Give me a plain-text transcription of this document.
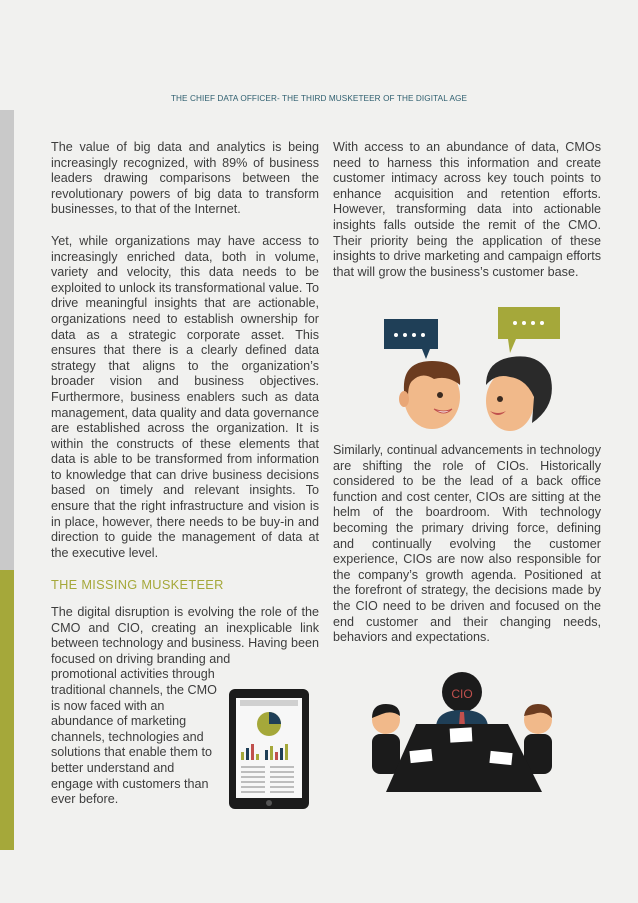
THE CHIEF DATA OFFICER- THE THIRD MUSKETEER OF THE DIGITAL AGE

The value of big data and analytics is being increasingly recognized, with 89% of business leaders drawing comparisons between the revolutionary powers of big data to transform businesses, to that of the Internet.

Yet, while organizations may have access to increasingly enriched data, both in volume, variety and velocity, this data needs to be exploited to unlock its transformational value. To drive meaningful insights that are actionable, organizations need to establish ownership for data as a strategic corporate asset. This ensures that there is a clearly defined data strategy that aligns to the organization’s broader vision and business objectives. Furthermore, business enablers such as data management, data quality and data governance are established across the organization. It is within the constructs of these elements that data is able to be transformed from information to knowledge that can drive business decisions based on timely and relevant insights. To ensure that the right infrastructure and vision is in place, however, there needs to be buy-in and direction to guide the management of data at the executive level.

THE MISSING MUSKETEER

The digital disruption is evolving the role of the CMO and CIO, creating an inexplicable link between technology and business. Having been focused on driving branding and

promotional activities through traditional channels, the CMO is now faced with an abundance of marketing channels, technologies and solutions that enable them to better understand and engage with customers than ever before.

With access to an abundance of data, CMOs need to harness this information and create customer intimacy across key touch points to enhance acquisition and retention efforts. However, transforming data into actionable insights falls outside the remit of the CMO. Their priority being the application of these insights to drive marketing and campaign efforts that will grow the business’s customer base.

Similarly, continual advancements in technology are shifting the role of CIOs. Historically considered to be the lead of a back office function and cost center, CIOs are sitting at the helm of the boardroom. With technology becoming the primary driving force, defining and continually evolving the customer experience, CIOs are now also responsible for the company’s growth agenda. Positioned at the forefront of strategy, the decisions made by the CIO need to be driven and focused on the end customer and their changing needs, behaviors and expectations.

CIO
